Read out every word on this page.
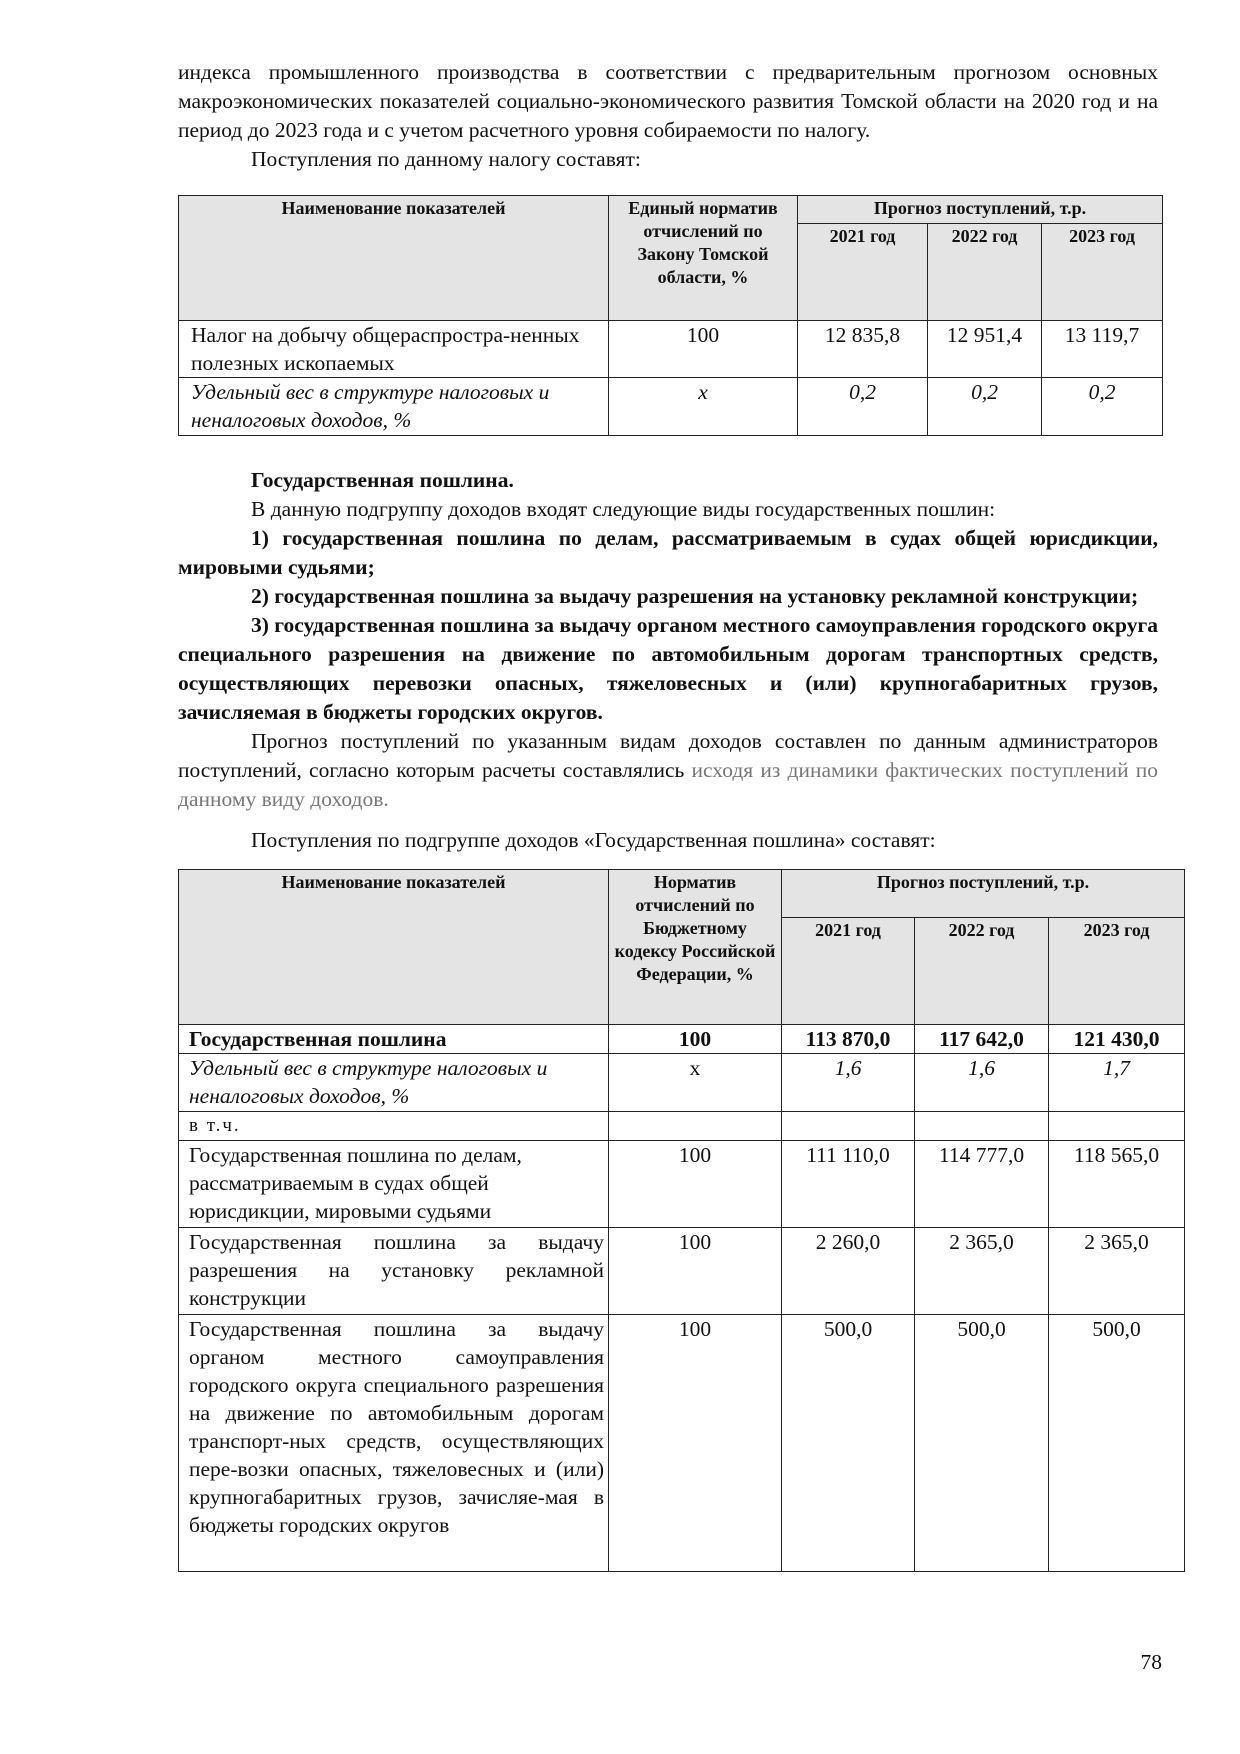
индекса промышленного производства в соответствии с предварительным прогнозом основных макроэкономических показателей социально-экономического развития Томской области на 2020 год и на период до 2023 года и с учетом расчетного уровня собираемости по налогу.

Поступления по данному налогу составят:

Наименование показателей	Единый норматив отчислений по Закону Томской области, %	Прогноз поступлений, т.р.		
		2021 год	2022 год	2023 год
Налог на добычу общераспростра-ненных полезных ископаемых	100	12 835,8	12 951,4	13 119,7
Удельный вес в структуре налоговых и неналоговых доходов, %	х	0,2	0,2	0,2

Государственная пошлина.

В данную подгруппу доходов входят следующие виды государственных пошлин:

1) государственная пошлина по делам, рассматриваемым в судах общей юрисдикции, мировыми судьями;

2) государственная пошлина за выдачу разрешения на установку рекламной конструкции;

3) государственная пошлина за выдачу органом местного самоуправления городского округа специального разрешения на движение по автомобильным дорогам транспортных средств, осуществляющих перевозки опасных, тяжеловесных и (или) крупногабаритных грузов, зачисляемая в бюджеты городских округов.

Прогноз поступлений по указанным видам доходов составлен по данным администраторов поступлений, согласно которым расчеты составлялись исходя из динамики фактических поступлений по данному виду доходов.

Поступления по подгруппе доходов «Государственная пошлина» составят:

Наименование показателей	Норматив отчислений по Бюджетному кодексу Российской Федерации, %	Прогноз поступлений, т.р.		
		2021 год	2022 год	2023 год
Государственная пошлина	100	113 870,0	117 642,0	121 430,0
Удельный вес в структуре налоговых и неналоговых доходов, %	х	1,6	1,6	1,7
в т.ч.				
Государственная пошлина по делам, рассматриваемым в судах общей юрисдикции, мировыми судьями	100	111 110,0	114 777,0	118 565,0
Государственная пошлина за выдачу разрешения на установку рекламной конструкции	100	2 260,0	2 365,0	2 365,0
Государственная пошлина за выдачу органом местного самоуправления городского округа специального разрешения на движение по автомобильным дорогам транспорт-ных средств, осуществляющих пере-возки опасных, тяжеловесных и (или) крупногабаритных грузов, зачисляе-мая в бюджеты городских округов	100	500,0	500,0	500,0
78
